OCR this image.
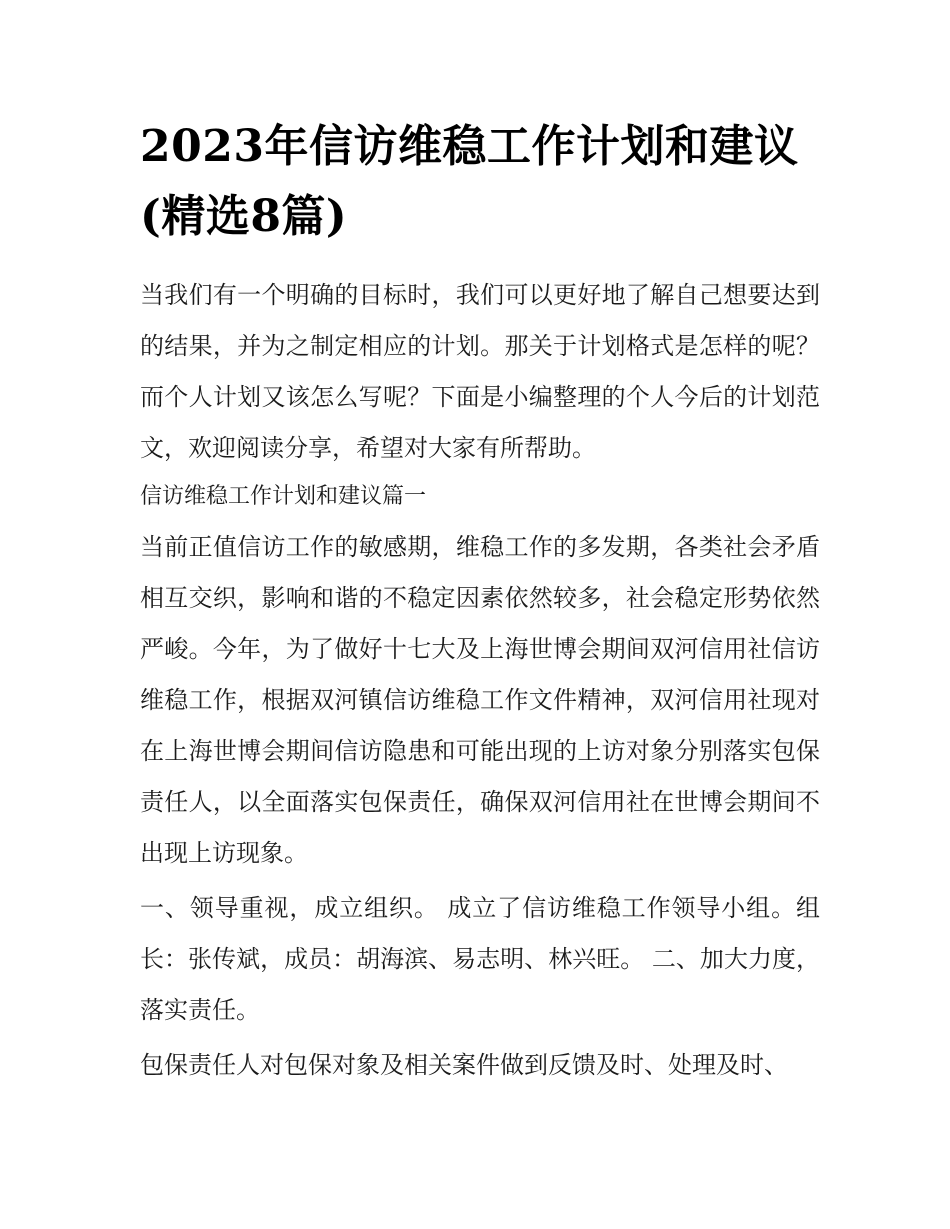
2023年信访维稳工作计划和建议(精选8篇)

当我们有一个明确的目标时，我们可以更好地了解自己想要达到的结果，并为之制定相应的计划。那关于计划格式是怎样的呢？而个人计划又该怎么写呢？下面是小编整理的个人今后的计划范文，欢迎阅读分享，希望对大家有所帮助。

信访维稳工作计划和建议篇一

当前正值信访工作的敏感期，维稳工作的多发期，各类社会矛盾相互交织，影响和谐的不稳定因素依然较多，社会稳定形势依然严峻。今年，为了做好十七大及上海世博会期间双河信用社信访维稳工作，根据双河镇信访维稳工作文件精神，双河信用社现对在上海世博会期间信访隐患和可能出现的上访对象分别落实包保责任人，以全面落实包保责任，确保双河信用社在世博会期间不出现上访现象。

一、领导重视，成立组织。 成立了信访维稳工作领导小组。组长：张传斌，成员：胡海滨、易志明、林兴旺。 二、加大力度，落实责任。

包保责任人对包保对象及相关案件做到反馈及时、处理及时、
